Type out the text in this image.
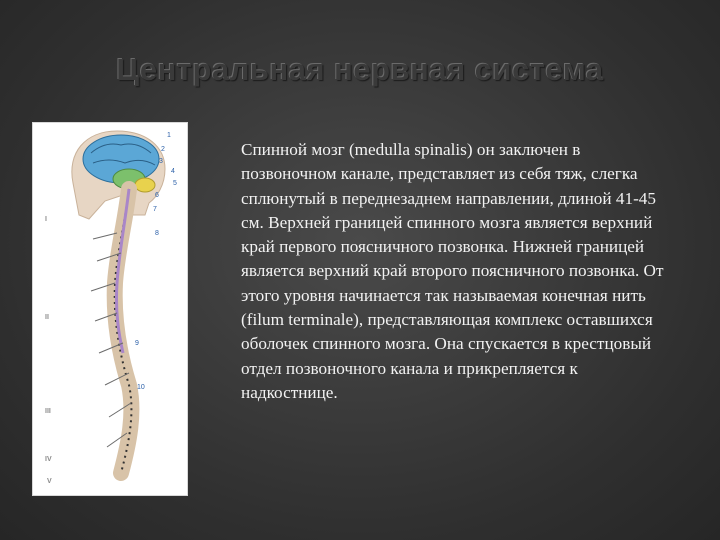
Центральная нервная система
1
2
3
4
5
6
7
8
9
10
I
II
III
IV
V

Спинной мозг (medulla spinalis) он заключен в позвоночном канале, представляет из себя тяж, слегка сплюнутый в переднезаднем направлении, длиной 41-45 см. Верхней границей спинного мозга является верхний край первого поясничного позвонка. Нижней границей является верхний край второго поясничного позвонка. От этого уровня начинается так называемая конечная нить (filum terminale), представляющая комплекс оставшихся оболочек спинного мозга. Она спускается в крестцовый отдел позвоночного канала и прикрепляется к надкостнице.
